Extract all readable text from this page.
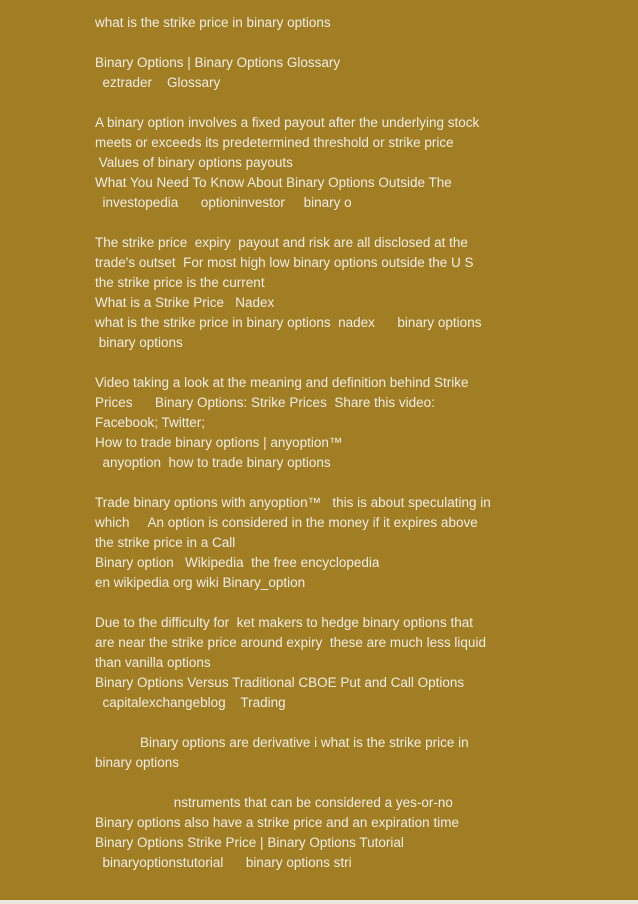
what is the strike price in binary options
Binary Options | Binary Options Glossary
eztrader    Glossary
A binary option involves a fixed payout after the underlying stock
meets or exceeds its predetermined threshold or strike price
Values of binary options payouts
What You Need To Know About Binary Options Outside The
investopedia      optioninvestor     binary o
The strike price  expiry  payout and risk are all disclosed at the
trade's outset  For most high low binary options outside the U S
the strike price is the current
What is a Strike Price   Nadex
what is the strike price in binary options  nadex      binary options
binary options
Video taking a look at the meaning and definition behind Strike
Prices      Binary Options: Strike Prices  Share this video:
Facebook; Twitter;
How to trade binary options | anyoption™
anyoption  how to trade binary options
Trade binary options with anyoption™   this is about speculating in
which     An option is considered in the money if it expires above
the strike price in a Call
Binary option   Wikipedia  the free encyclopedia
en wikipedia org wiki Binary_option
Due to the difficulty for  ket makers to hedge binary options that
are near the strike price around expiry  these are much less liquid
than vanilla options
Binary Options Versus Traditional CBOE Put and Call Options
capitalexchangeblog    Trading
Binary options are derivative i what is the strike price in
binary options
nstruments that can be considered a yes-or-no
Binary options also have a strike price and an expiration time
Binary Options Strike Price | Binary Options Tutorial
binaryoptionstutorial      binary options stri
